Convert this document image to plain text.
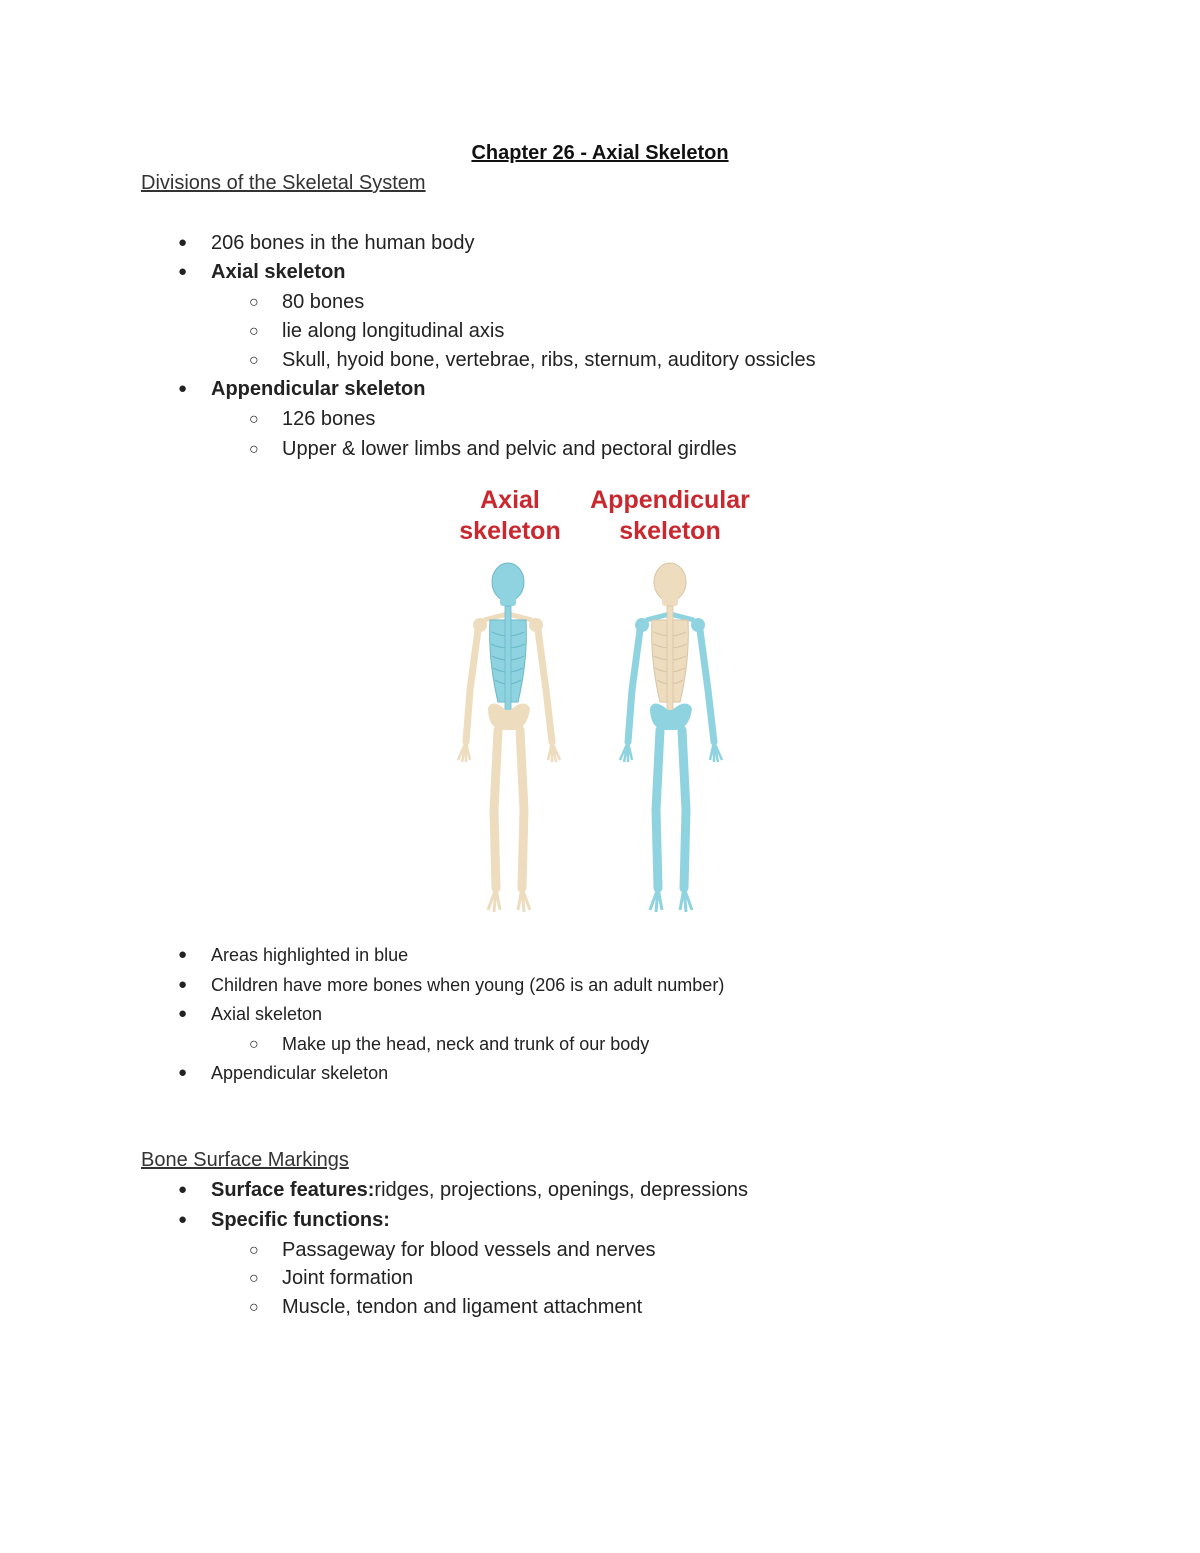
Chapter 26 - Axial Skeleton
Divisions of the Skeletal System
● 206 bones in the human body
● Axial skeleton
○ 80 bones
○ lie along longitudinal axis
○ Skull, hyoid bone, vertebrae, ribs, sternum, auditory ossicles
● Appendicular skeleton
○ 126 bones
○ Upper & lower limbs and pelvic and pectoral girdles
Axial
skeleton
Appendicular
skeleton
● Areas highlighted in blue
● Children have more bones when young (206 is an adult number)
● Axial skeleton
○ Make up the head, neck and trunk of our body
● Appendicular skeleton
Bone Surface Markings
● Surface features:ridges, projections, openings, depressions
● Specific functions:
○ Passageway for blood vessels and nerves
○ Joint formation
○ Muscle, tendon and ligament attachment
